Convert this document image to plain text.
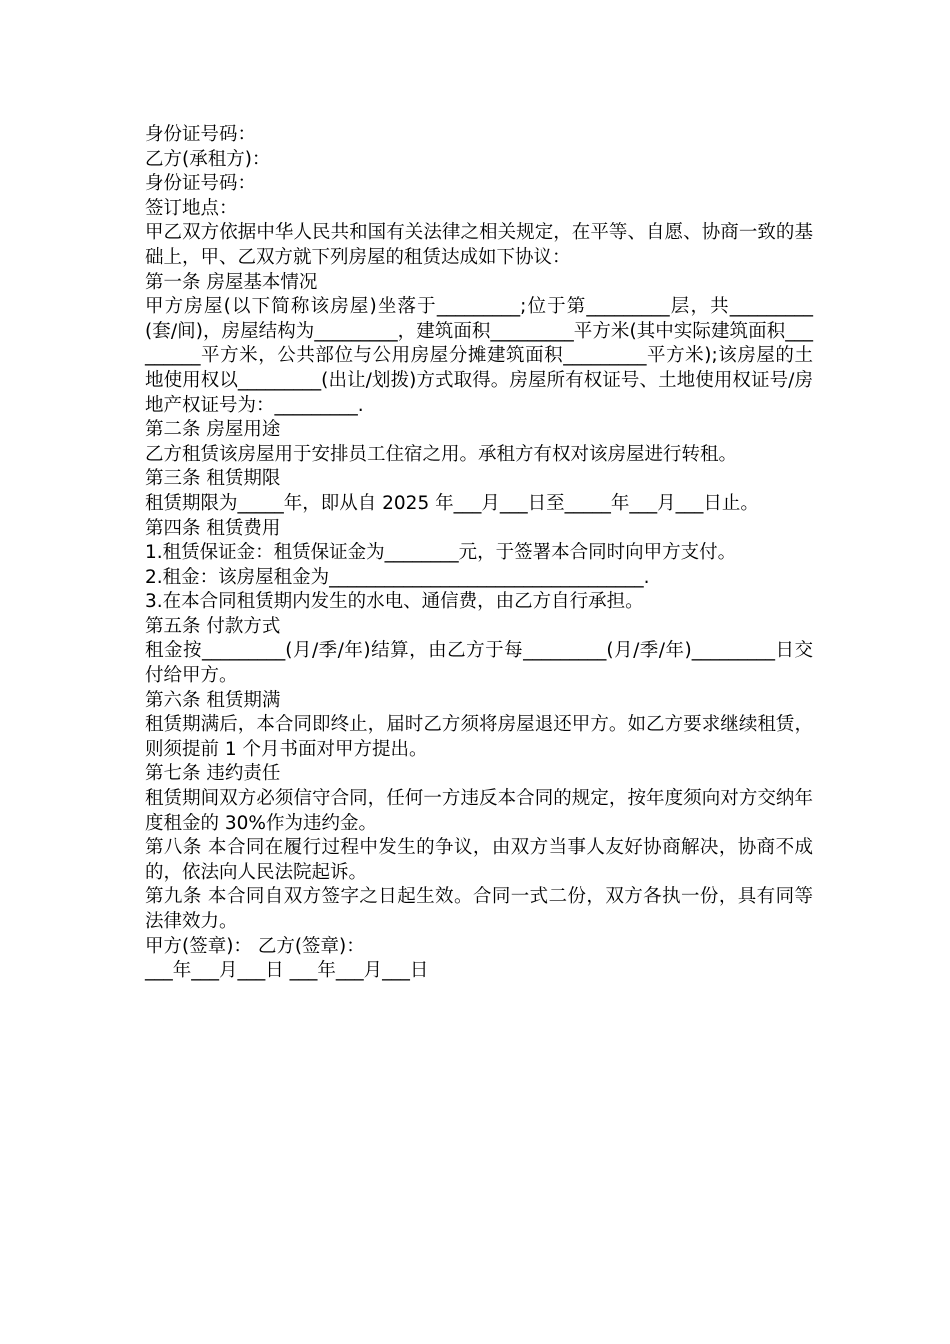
身份证号码：

乙方(承租方)：

身份证号码：

签订地点：

甲乙双方依据中华人民共和国有关法律之相关规定，在平等、自愿、协商一致的基础上，甲、乙双方就下列房屋的租赁达成如下协议：

第一条 房屋基本情况

甲方房屋(以下简称该房屋)坐落于_________;位于第_________层，共_________(套/间)，房屋结构为_________，建筑面积_________平方米(其中实际建筑面积_________平方米，公共部位与公用房屋分摊建筑面积_________平方米);该房屋的土地使用权以_________(出让/划拨)方式取得。房屋所有权证号、土地使用权证号/房地产权证号为：_________.

第二条 房屋用途

乙方租赁该房屋用于安排员工住宿之用。承租方有权对该房屋进行转租。

第三条 租赁期限

租赁期限为_____年，即从自 2025 年___月___日至_____年___月___日止。

第四条 租赁费用

1.租赁保证金：租赁保证金为________元，于签署本合同时向甲方支付。

2.租金：该房屋租金为__________________________________.

3.在本合同租赁期内发生的水电、通信费，由乙方自行承担。

第五条 付款方式

租金按_________(月/季/年)结算，由乙方于每_________(月/季/年)_________日交付给甲方。

第六条 租赁期满

租赁期满后，本合同即终止，届时乙方须将房屋退还甲方。如乙方要求继续租赁，则须提前 1 个月书面对甲方提出。

第七条 违约责任

租赁期间双方必须信守合同，任何一方违反本合同的规定，按年度须向对方交纳年度租金的 30%作为违约金。

第八条 本合同在履行过程中发生的争议，由双方当事人友好协商解决，协商不成的，依法向人民法院起诉。

第九条 本合同自双方签字之日起生效。合同一式二份，双方各执一份，具有同等法律效力。

甲方(签章)： 乙方(签章)：

___年___月___日 ___年___月___日
